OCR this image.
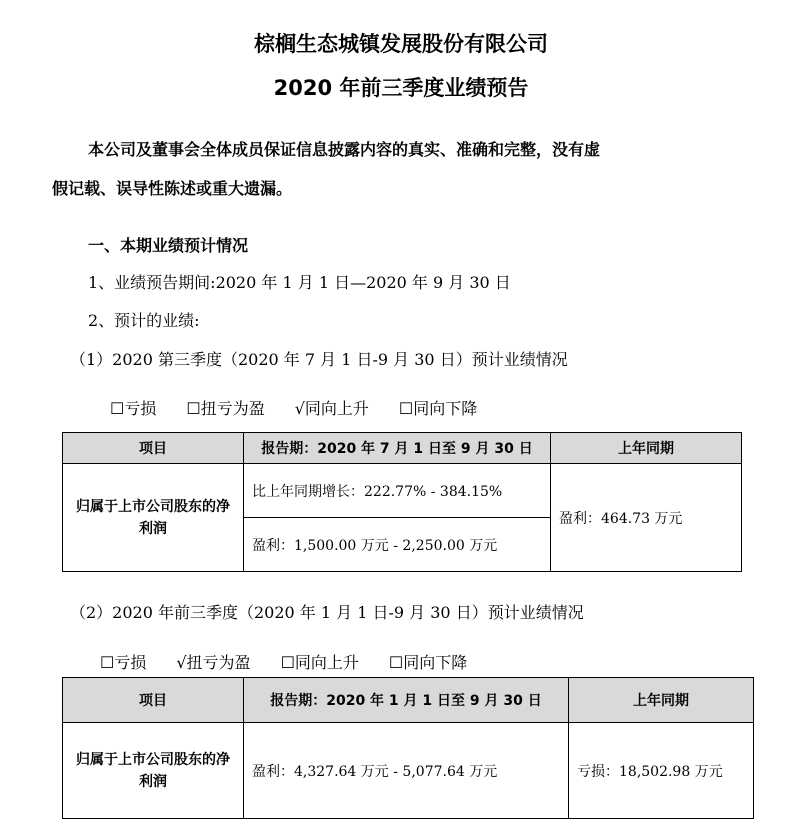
棕榈生态城镇发展股份有限公司
2020 年前三季度业绩预告
本公司及董事会全体成员保证信息披露内容的真实、准确和完整，没有虚
假记载、误导性陈述或重大遗漏。
一、本期业绩预计情况
1、业绩预告期间:2020 年 1 月 1 日—2020 年 9 月 30 日
2、预计的业绩:
（1）2020 第三季度（2020 年 7 月 1 日-9 月 30 日）预计业绩情况
☐亏损 ☐扭亏为盈 √同向上升 ☐同向下降
项目	报告期：2020 年 7 月 1 日至 9 月 30 日	上年同期
归属于上市公司股东的净利润	比上年同期增长：222.77% - 384.15%	盈利：464.73 万元
	盈利：1,500.00 万元 - 2,250.00 万元	
（2）2020 年前三季度（2020 年 1 月 1 日-9 月 30 日）预计业绩情况
☐亏损 √扭亏为盈 ☐同向上升 ☐同向下降
项目	报告期：2020 年 1 月 1 日至 9 月 30 日	上年同期
归属于上市公司股东的净利润	盈利：4,327.64 万元 - 5,077.64 万元	亏损：18,502.98 万元
